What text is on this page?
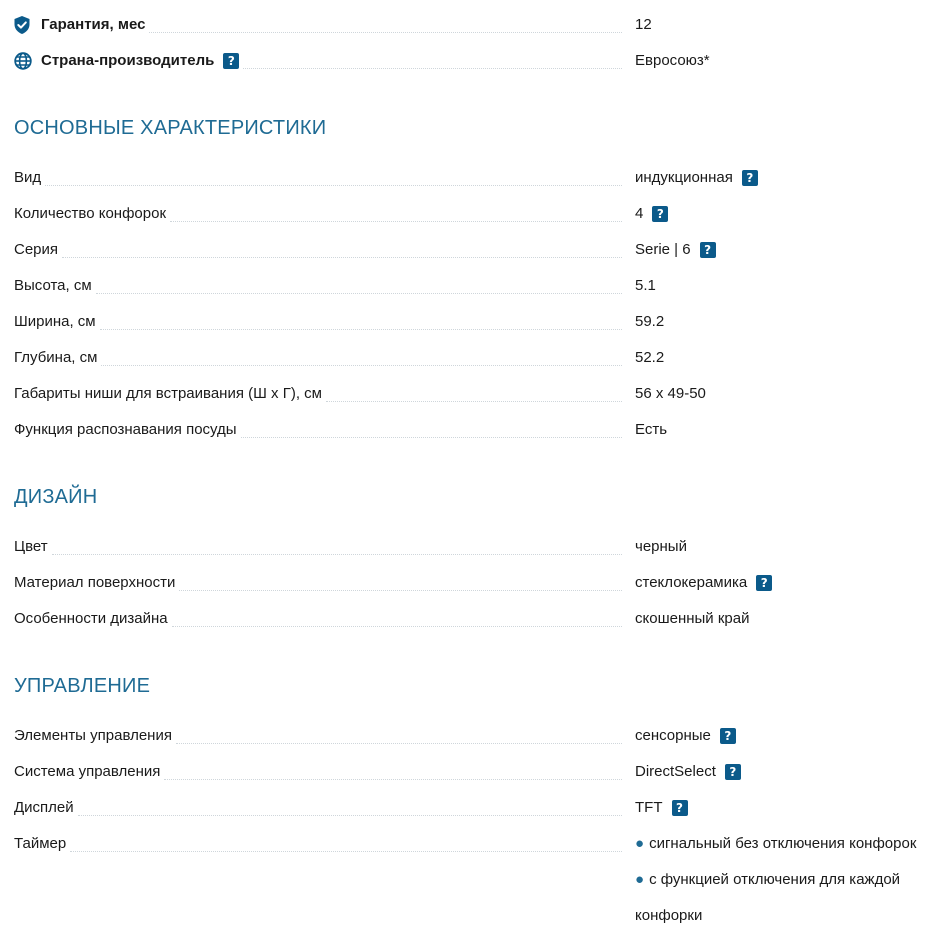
Гарантия, мес	12
Страна-производитель ?	Евросоюз*
ОСНОВНЫЕ ХАРАКТЕРИСТИКИ
Вид	индукционная	?
Количество конфорок	4	?
Серия	Serie | 6	?
Высота, см	5.1
Ширина, см	59.2
Глубина, см	52.2
Габариты ниши для встраивания (Ш x Г), см	56 x 49-50
Функция распознавания посуды	Есть
ДИЗАЙН
Цвет	черный
Материал поверхности	стеклокерамика	?
Особенности дизайна	скошенный край
УПРАВЛЕНИЕ
Элементы управления	сенсорные	?
Система управления	DirectSelect	?
Дисплей	TFT	?
Таймер	● сигнальный без отключения конфорок
● с функцией отключения для каждой
конфорки
